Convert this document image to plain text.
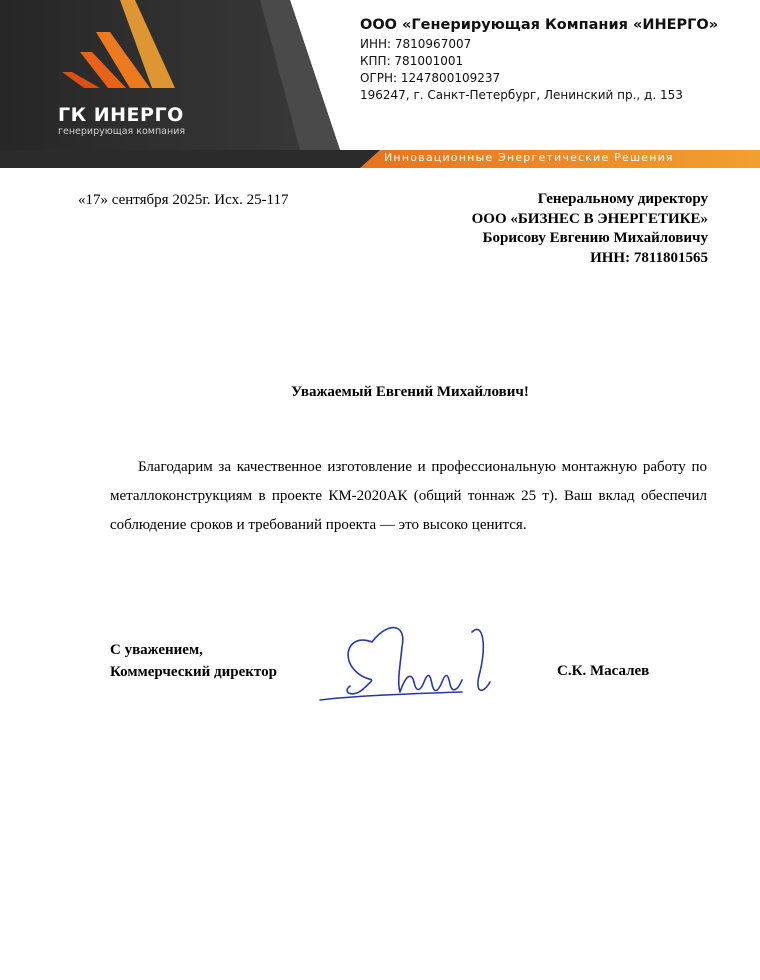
ГК ИНЕРГО
генерирующая компания
ООО «Генерирующая Компания «ИНЕРГО»
ИНН: 7810967007
КПП: 781001001
ОГРН: 1247800109237
196247, г. Санкт-Петербург, Ленинский пр., д. 153
Инновационные Энергетические Решения
«17» сентября 2025г. Исх. 25-117	Генеральному директору
ООО «БИЗНЕС В ЭНЕРГЕТИКЕ»
Борисову Евгению Михайловичу
ИНН: 7811801565
Уважаемый Евгений Михайлович!
Благодарим за качественное изготовление и профессиональную монтажную работу по металлоконструкциям в проекте КМ-2020АК (общий тоннаж 25 т). Ваш вклад обеспечил соблюдение сроков и требований проекта — это высоко ценится.
С уважением,
Коммерческий директор	С.К. Масалев
